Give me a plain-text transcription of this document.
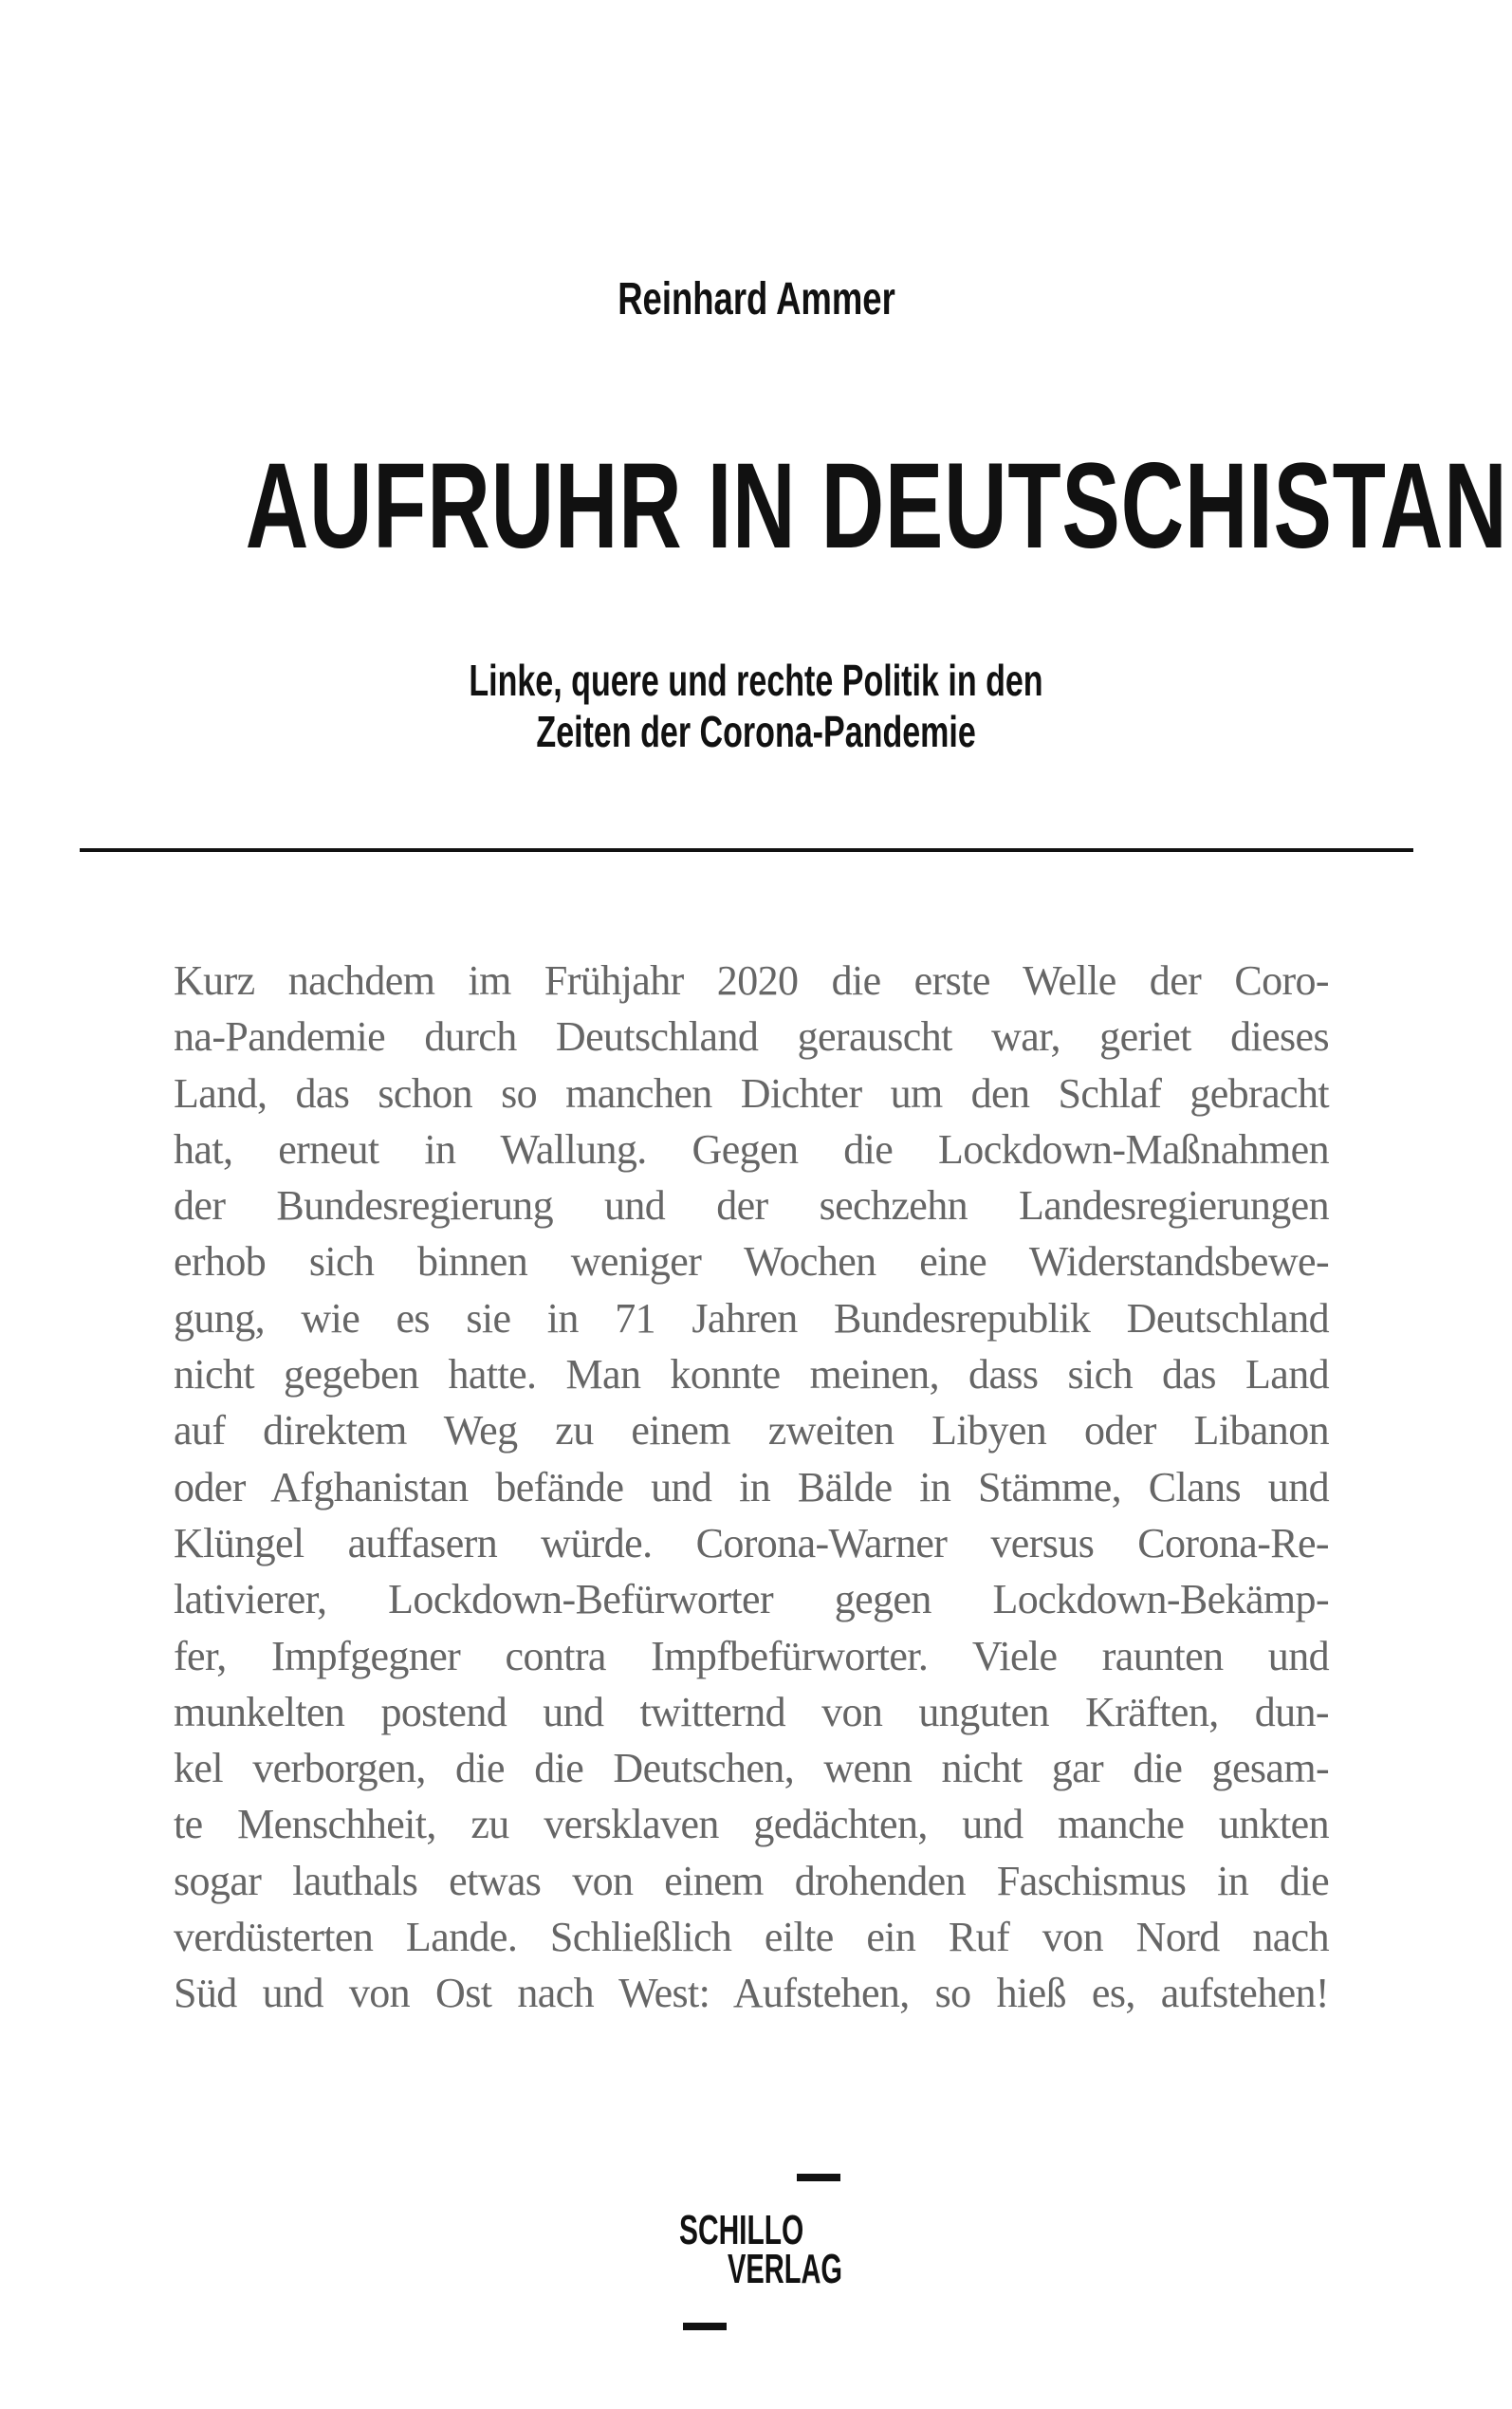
Reinhard Ammer
AUFRUHR IN DEUTSCHISTAN
Linke, quere und rechte Politik in den
Zeiten der Corona-Pandemie
Kurz nachdem im Frühjahr 2020 die erste Welle der Coro-
na-Pandemie durch Deutschland gerauscht war, geriet dieses
Land, das schon so manchen Dichter um den Schlaf gebracht
hat, erneut in Wallung. Gegen die Lockdown-Maßnahmen
der Bundesregierung und der sechzehn Landesregierungen
erhob sich binnen weniger Wochen eine Widerstandsbewe-
gung, wie es sie in 71 Jahren Bundesrepublik Deutschland
nicht gegeben hatte. Man konnte meinen, dass sich das Land
auf direktem Weg zu einem zweiten Libyen oder Libanon
oder Afghanistan befände und in Bälde in Stämme, Clans und
Klüngel auffasern würde. Corona-Warner versus Corona-Re-
lativierer, Lockdown-Befürworter gegen Lockdown-Bekämp-
fer, Impfgegner contra Impfbefürworter. Viele raunten und
munkelten postend und twitternd von unguten Kräften, dun-
kel verborgen, die die Deutschen, wenn nicht gar die gesam-
te Menschheit, zu versklaven gedächten, und manche unkten
sogar lauthals etwas von einem drohenden Faschismus in die
verdüsterten Lande. Schließlich eilte ein Ruf von Nord nach
Süd und von Ost nach West: Aufstehen, so hieß es, aufstehen!
SCHILLO
VERLAG
